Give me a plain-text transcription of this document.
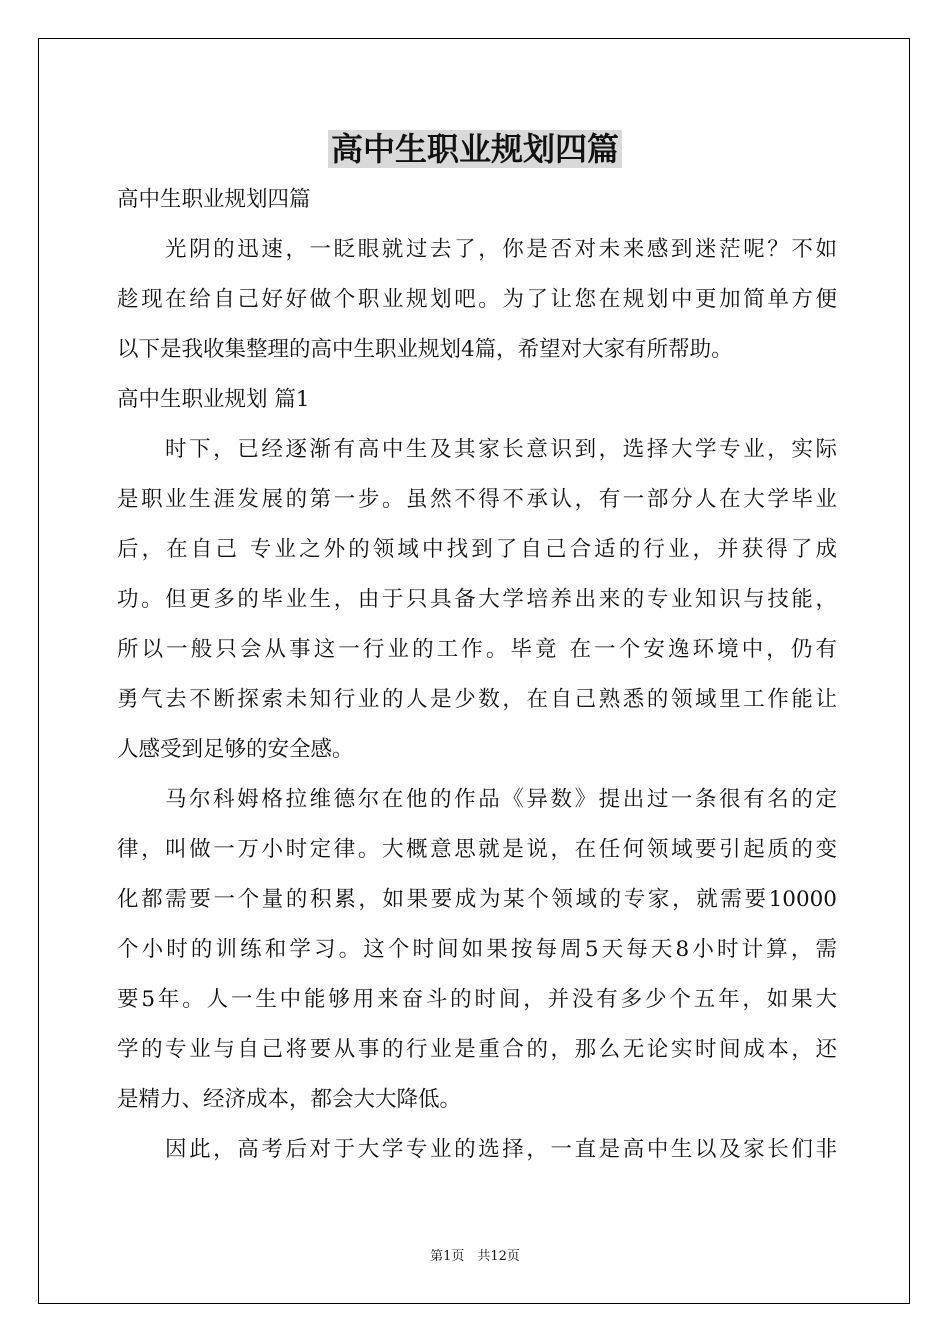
高中生职业规划四篇
高中生职业规划四篇
光阴的迅速，一眨眼就过去了，你是否对未来感到迷茫呢？不如
趁现在给自己好好做个职业规划吧。为了让您在规划中更加简单方便
以下是我收集整理的高中生职业规划4篇，希望对大家有所帮助。
高中生职业规划 篇1
时下，已经逐渐有高中生及其家长意识到，选择大学专业，实际
是职业生涯发展的第一步。虽然不得不承认，有一部分人在大学毕业
后，在自己 专业之外的领域中找到了自己合适的行业，并获得了成
功。但更多的毕业生，由于只具备大学培养出来的专业知识与技能，
所以一般只会从事这一行业的工作。毕竟 在一个安逸环境中，仍有
勇气去不断探索未知行业的人是少数，在自己熟悉的领域里工作能让
人感受到足够的安全感。
马尔科姆格拉维德尔在他的作品《异数》提出过一条很有名的定
律，叫做一万小时定律。大概意思就是说，在任何领域要引起质的变
化都需要一个量的积累，如果要成为某个领域的专家，就需要10000
个小时的训练和学习。这个时间如果按每周5天每天8小时计算，需
要5年。人一生中能够用来奋斗的时间，并没有多少个五年，如果大
学的专业与自己将要从事的行业是重合的，那么无论实时间成本，还
是精力、经济成本，都会大大降低。
因此，高考后对于大学专业的选择，一直是高中生以及家长们非
第1页　共12页
